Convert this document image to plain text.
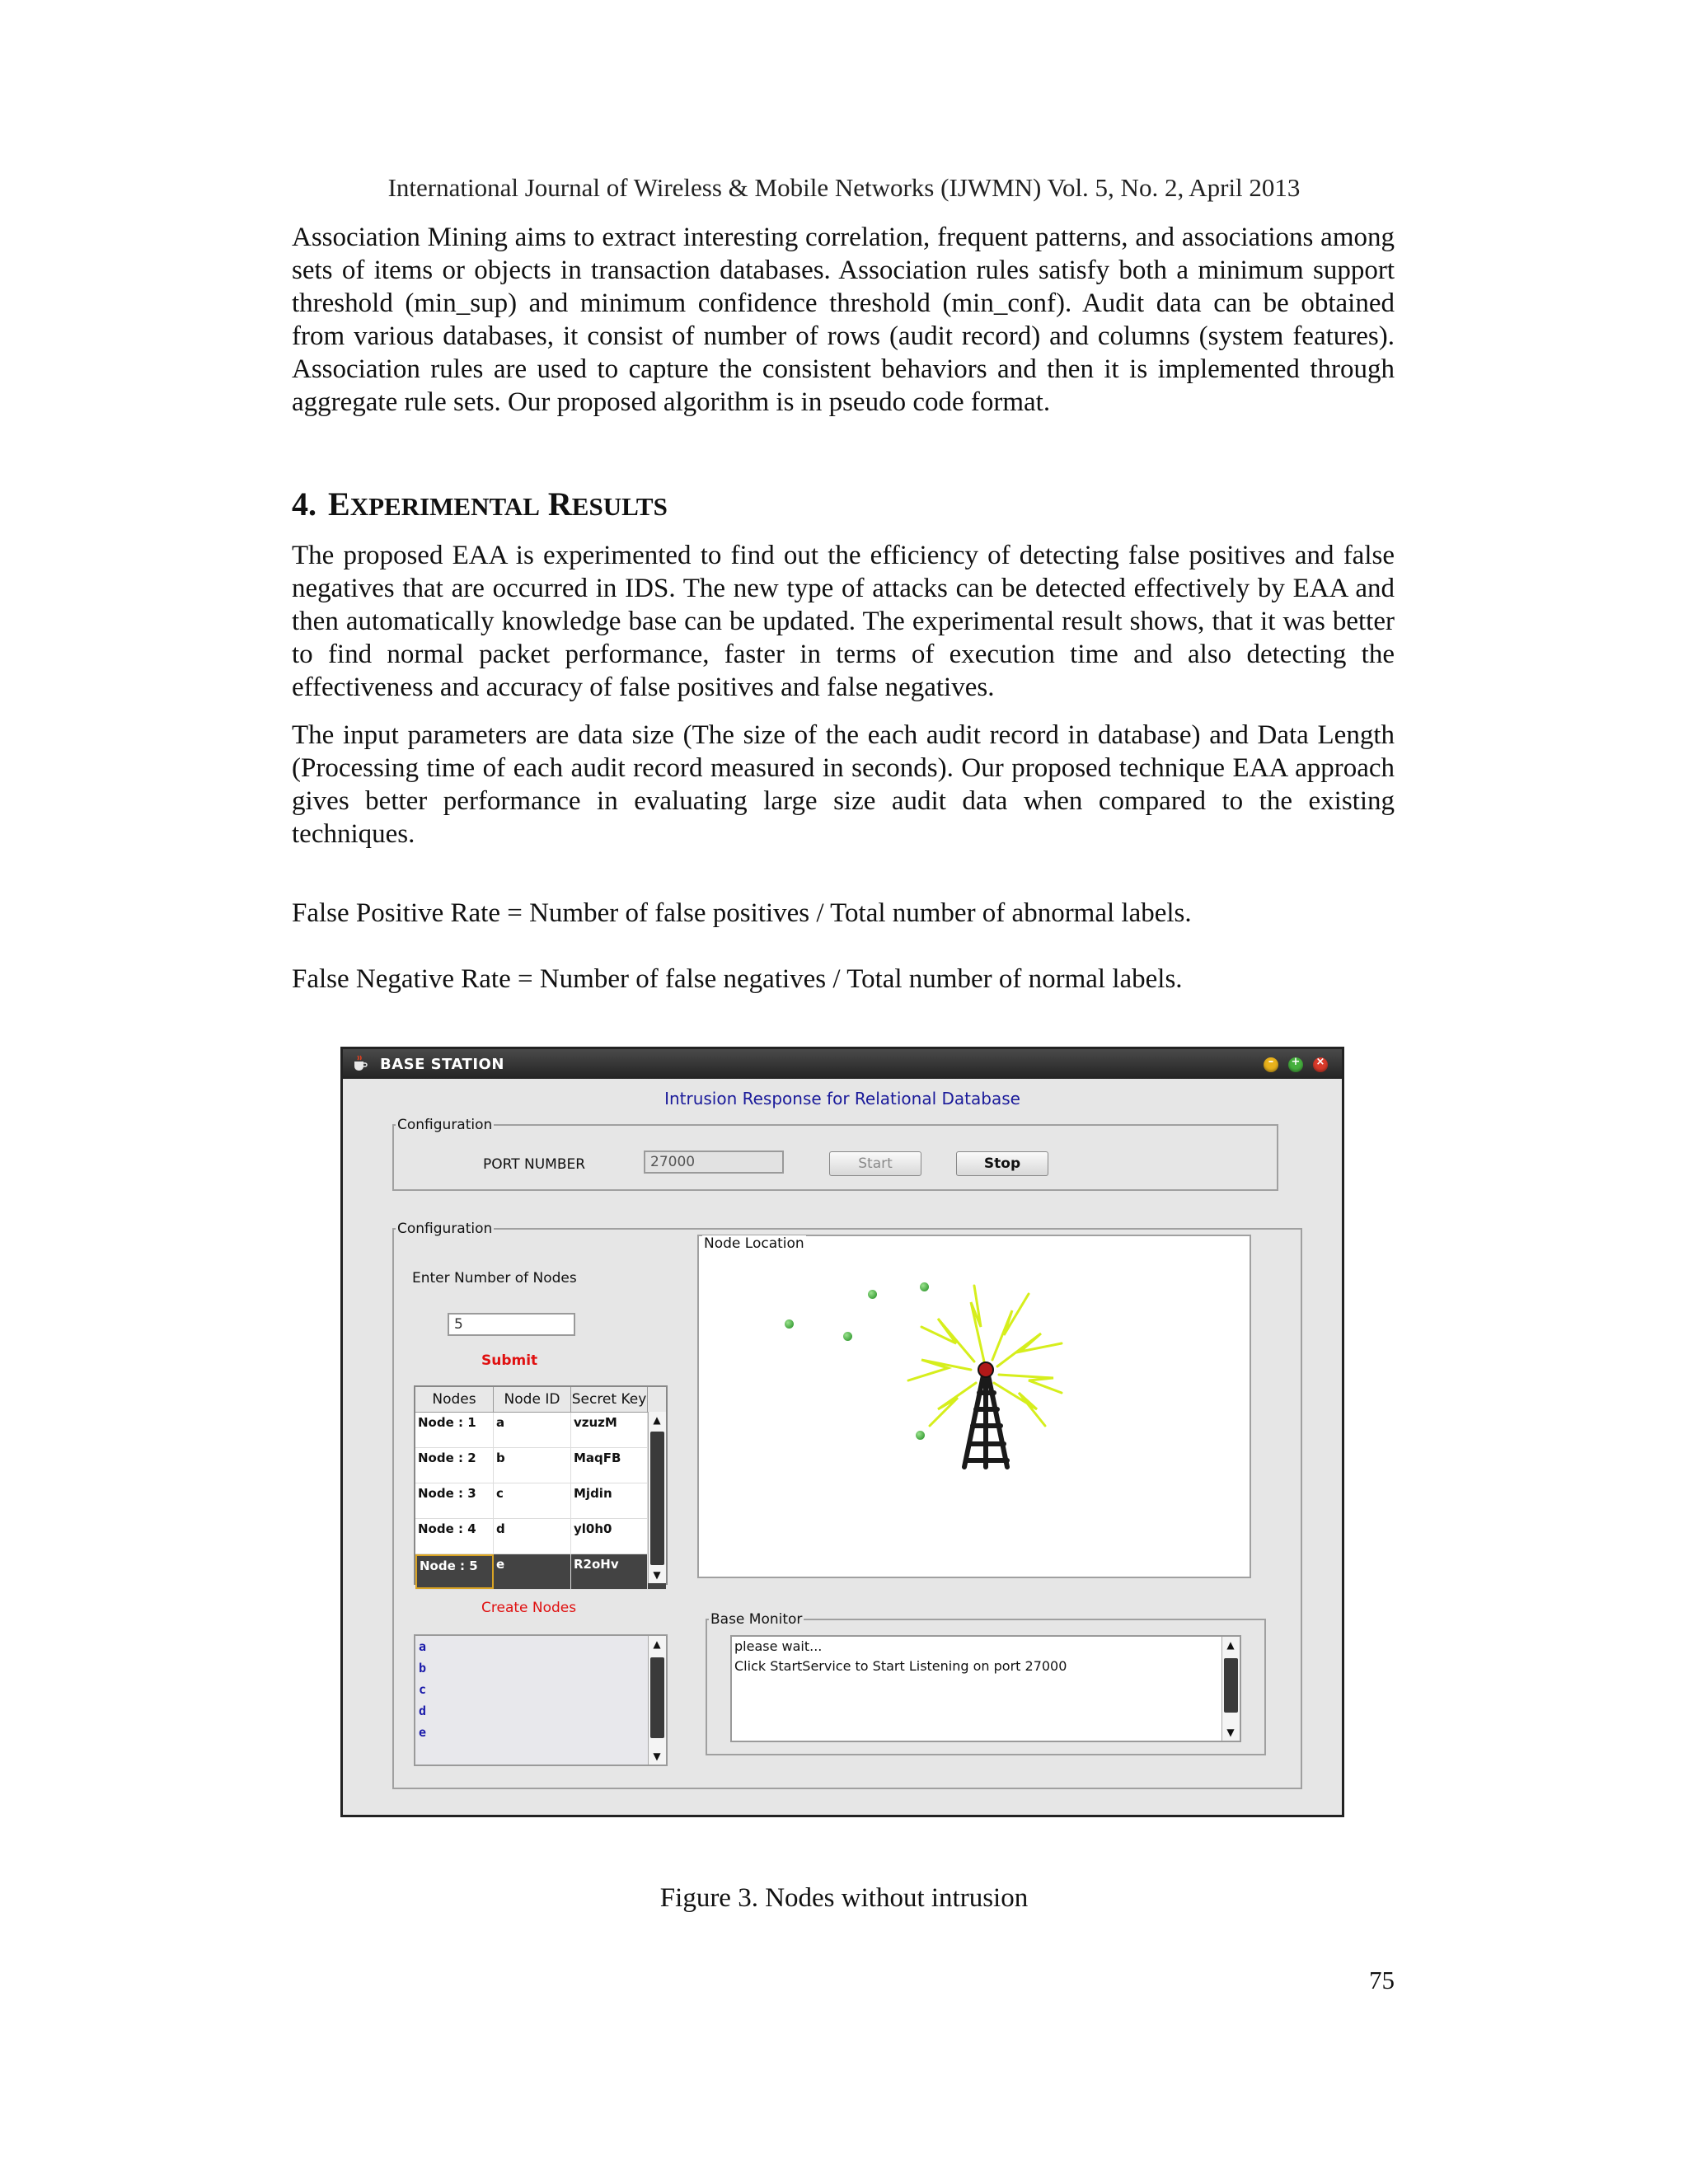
International Journal of Wireless & Mobile Networks (IJWMN) Vol. 5, No. 2, April 2013

Association Mining aims to extract interesting correlation, frequent patterns, and associations among sets of items or objects in transaction databases. Association rules satisfy both a minimum support threshold (min_sup) and minimum confidence threshold (min_conf). Audit data can be obtained from various databases, it consist of number of rows (audit record) and columns (system features). Association rules are used to capture the consistent behaviors and then it is implemented through aggregate rule sets. Our proposed algorithm is in pseudo code format.

4. EXPERIMENTAL RESULTS

The proposed EAA is experimented to find out the efficiency of detecting false positives and false negatives that are occurred in IDS. The new type of attacks can be detected effectively by EAA and then automatically knowledge base can be updated. The experimental result shows, that it was better to find normal packet performance, faster in terms of execution time and also detecting the effectiveness and accuracy of false positives and false negatives.

The input parameters are data size (The size of the each audit record in database) and Data Length (Processing time of each audit record measured in seconds). Our proposed technique EAA approach gives better performance in evaluating large size audit data when compared to the existing techniques.

False Positive Rate = Number of false positives / Total number of abnormal labels.
False Negative Rate = Number of false negatives / Total number of normal labels.
BASE STATION	–	+ ×
Intrusion Response for Relational Database
Configuration
PORT NUMBER	27000	Start	Stop
Configuration
Enter Number of Nodes
5
Submit
Nodes	Node ID Secret Key
Node : 1	a	vzuzM
Node : 2	b	MaqFB
Node : 3	c	Mjdin
Node : 4	d	yl0h0
Node : 5	e	R2oHv
▲
▼
Create Nodes
a
b
c
d
e
▲
▼
Node Location
Base Monitor
please wait...
Click StartService to Start Listening on port 27000
▲
▼
Figure 3. Nodes without intrusion
75
